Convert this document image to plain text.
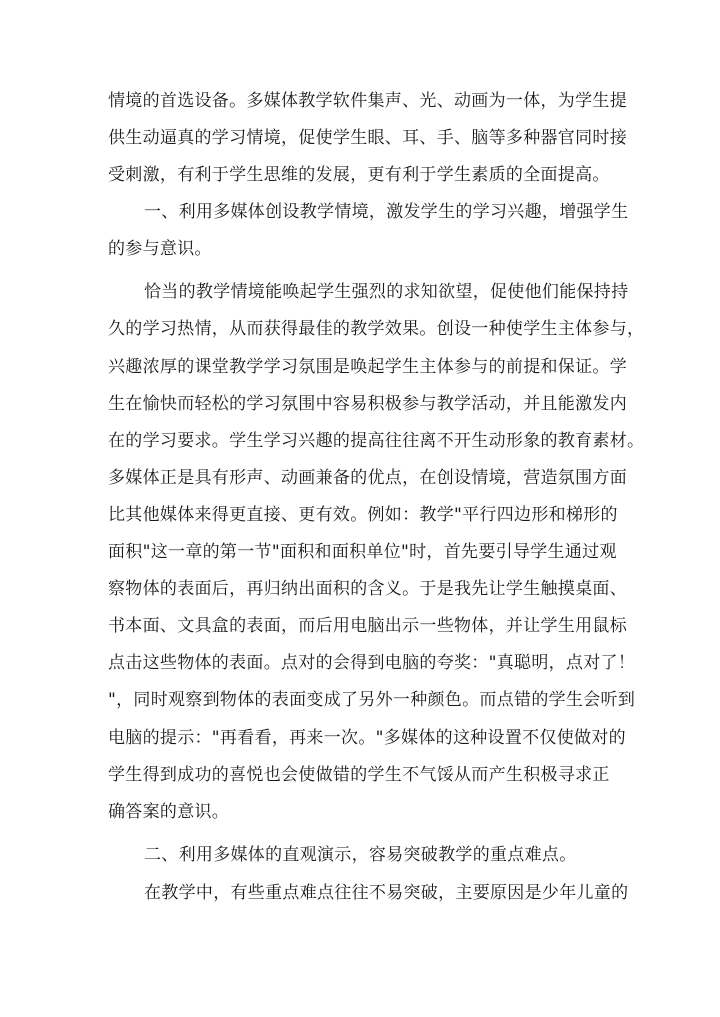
情境的首选设备。多媒体教学软件集声、光、动画为一体，为学生提
供生动逼真的学习情境，促使学生眼、耳、手、脑等多种器官同时接
受刺激，有利于学生思维的发展，更有利于学生素质的全面提高。
一、利用多媒体创设教学情境，激发学生的学习兴趣，增强学生
的参与意识。
恰当的教学情境能唤起学生强烈的求知欲望，促使他们能保持持
久的学习热情，从而获得最佳的教学效果。创设一种使学生主体参与，
兴趣浓厚的课堂教学学习氛围是唤起学生主体参与的前提和保证。学
生在愉快而轻松的学习氛围中容易积极参与教学活动，并且能激发内
在的学习要求。学生学习兴趣的提高往往离不开生动形象的教育素材。
多媒体正是具有形声、动画兼备的优点，在创设情境，营造氛围方面
比其他媒体来得更直接、更有效。例如：教学"平行四边形和梯形的
面积"这一章的第一节"面积和面积单位"时，首先要引导学生通过观
察物体的表面后，再归纳出面积的含义。于是我先让学生触摸桌面、
书本面、文具盒的表面，而后用电脑出示一些物体，并让学生用鼠标
点击这些物体的表面。点对的会得到电脑的夸奖："真聪明，点对了！
"，同时观察到物体的表面变成了另外一种颜色。而点错的学生会听到
电脑的提示："再看看，再来一次。"多媒体的这种设置不仅使做对的
学生得到成功的喜悦也会使做错的学生不气馁从而产生积极寻求正
确答案的意识。
二、利用多媒体的直观演示，容易突破教学的重点难点。
在教学中，有些重点难点往往不易突破，主要原因是少年儿童的
